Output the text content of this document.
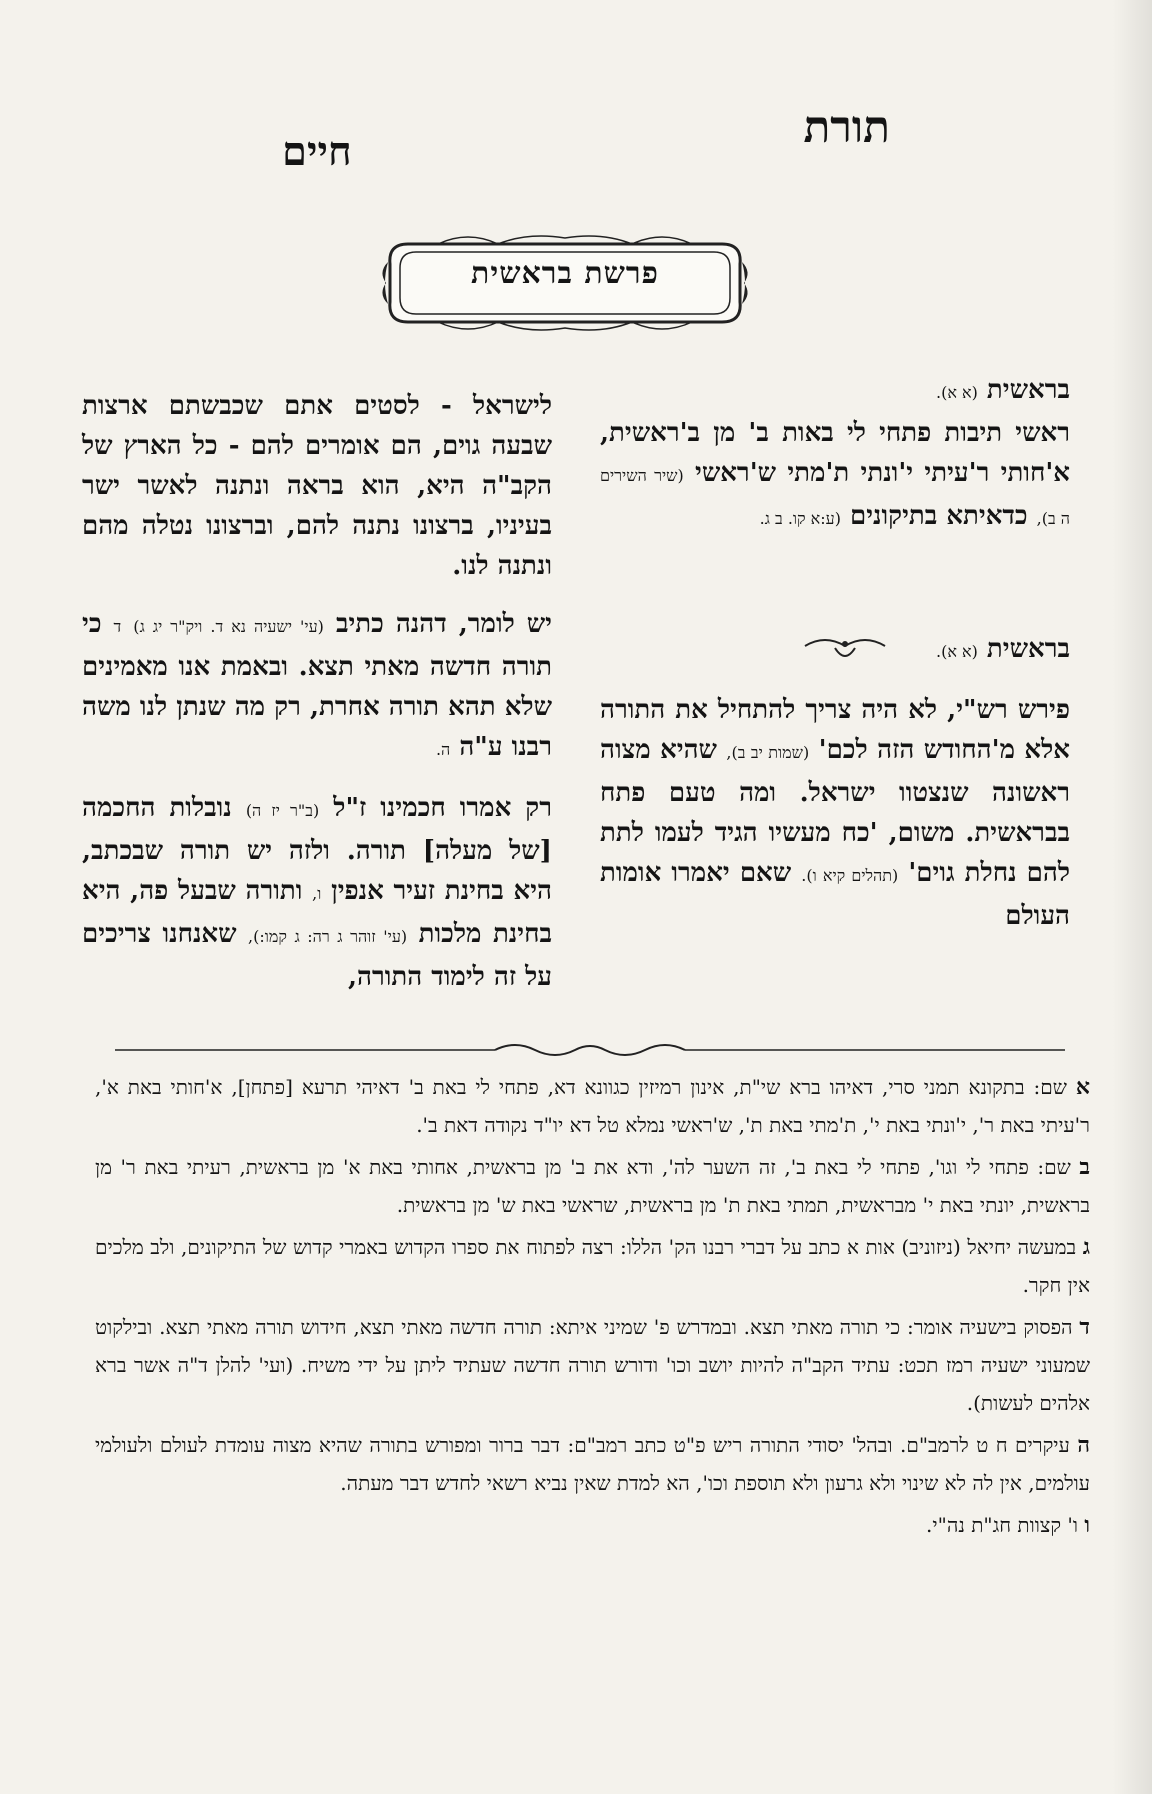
תורת
חיים
פרשת בראשית

בראשית (א א).

ראשי תיבות פתחי לי באות ב' מן ב'ראשית, א'חותי ר'עיתי י'ונתי ת'מתי ש'ראשי (שיר השירים ה ב), כדאיתא בתיקונים (ע:א קו. ב ג.

בראשית (א א).

פירש רש"י, לא היה צריך להתחיל את התורה אלא מ'החודש הזה לכם' (שמות יב ב), שהיא מצוה ראשונה שנצטוו ישראל. ומה טעם פתח בבראשית. משום, 'כח מעשיו הגיד לעמו לתת להם נחלת גוים' (תהלים קיא ו). שאם יאמרו אומות העולם

לישראל - לסטים אתם שכבשתם ארצות שבעה גוים, הם אומרים להם - כל הארץ של הקב"ה היא, הוא בראה ונתנה לאשר ישר בעיניו, ברצונו נתנה להם, וברצונו נטלה מהם ונתנה לנו.

יש לומר, דהנה כתיב (עי' ישעיה נא ד. ויק"ר יג ג) ד כי תורה חדשה מאתי תצא. ובאמת אנו מאמינים שלא תהא תורה אחרת, רק מה שנתן לנו משה רבנו ע"ה ה.

רק אמרו חכמינו ז"ל (ב"ר יז ה) נובלות החכמה [של מעלה] תורה. ולזה יש תורה שבכתב, היא בחינת זעיר אנפין ו, ותורה שבעל פה, היא בחינת מלכות (עי' זוהר ג רה: ג קמו:), שאנחנו צריכים על זה לימוד התורה,

א שם: בתקונא תמני סרי, דאיהו ברא שי"ת, אינון רמיזין כגוונא דא, פתחי לי באת ב' דאיהי תרעא [פתחן], א'חותי באת א', ר'עיתי באת ר', י'ונתי באת י', ת'מתי באת ת', ש'ראשי נמלא טל דא יו"ד נקודה דאת ב'.

ב שם: פתחי לי וגו', פתחי לי באת ב', זה השער לה', ודא את ב' מן בראשית, אחותי באת א' מן בראשית, רעיתי באת ר' מן בראשית, יונתי באת י' מבראשית, תמתי באת ת' מן בראשית, שראשי באת ש' מן בראשית.

ג במעשה יחיאל (ניזוניב) אות א כתב על דברי רבנו הק' הללו: רצה לפתוח את ספרו הקדוש באמרי קדוש של התיקונים, ולב מלכים אין חקר.

ד הפסוק בישעיה אומר: כי תורה מאתי תצא. ובמדרש פ' שמיני איתא: תורה חדשה מאתי תצא, חידוש תורה מאתי תצא. ובילקוט שמעוני ישעיה רמז תכט: עתיד הקב"ה להיות יושב וכו' ודורש תורה חדשה שעתיד ליתן על ידי משיח. (ועי' להלן ד"ה אשר ברא אלהים לעשות).

ה עיקרים ח ט לרמב"ם. ובהל' יסודי התורה ריש פ"ט כתב רמב"ם: דבר ברור ומפורש בתורה שהיא מצוה עומדת לעולם ולעולמי עולמים, אין לה לא שינוי ולא גרעון ולא תוספת וכו', הא למדת שאין נביא רשאי לחדש דבר מעתה.

ו ו' קצוות חג"ת נה"י.
